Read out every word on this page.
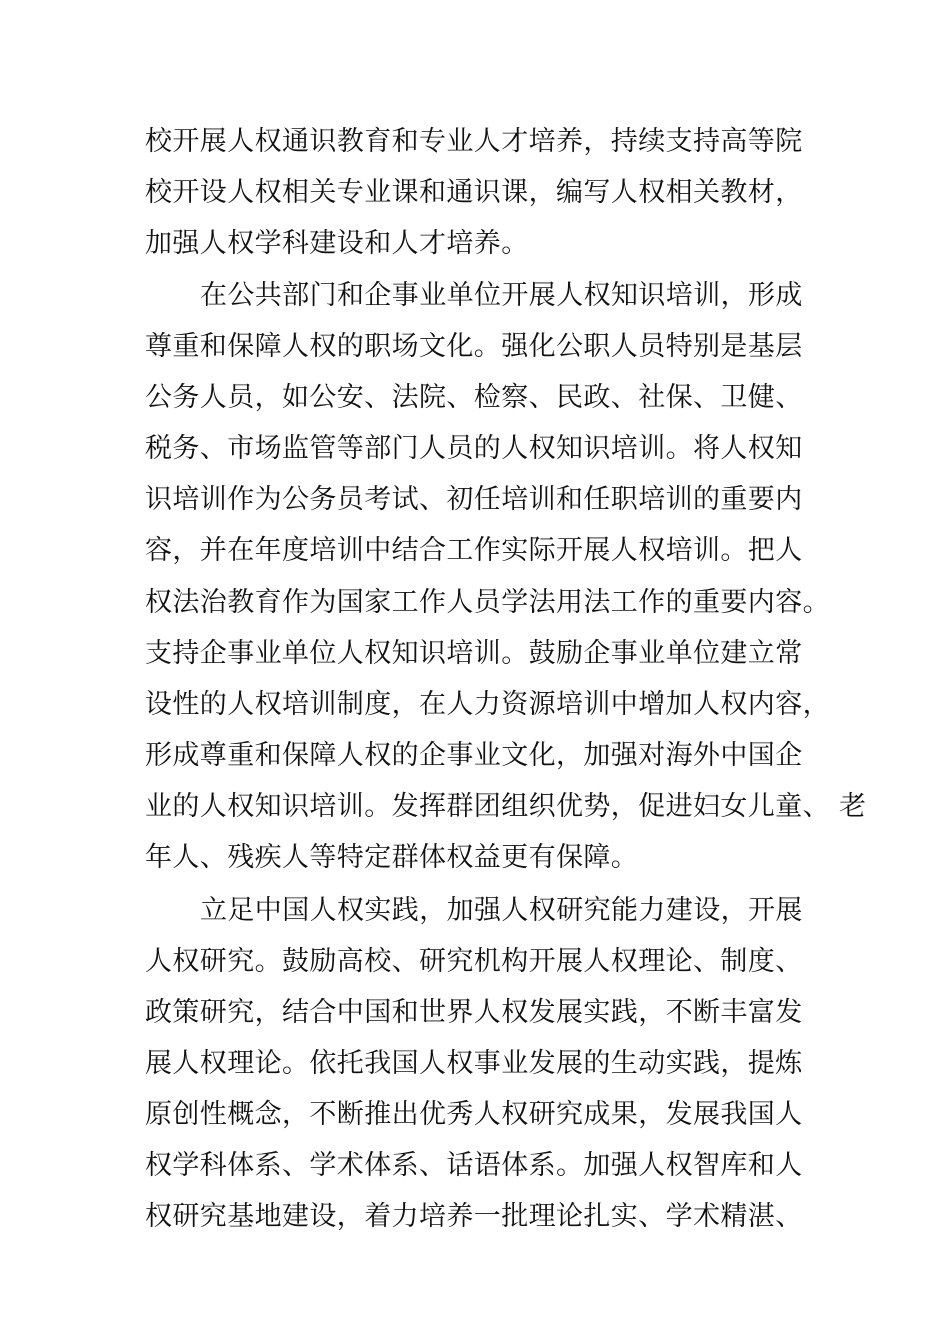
校开展人权通识教育和专业人才培养，持续支持高等院
校开设人权相关专业课和通识课，编写人权相关教材，
加强人权学科建设和人才培养。
在公共部门和企事业单位开展人权知识培训，形成
尊重和保障人权的职场文化。强化公职人员特别是基层
公务人员，如公安、法院、检察、民政、社保、卫健、
税务、市场监管等部门人员的人权知识培训。将人权知
识培训作为公务员考试、初任培训和任职培训的重要内
容，并在年度培训中结合工作实际开展人权培训。把人
权法治教育作为国家工作人员学法用法工作的重要内容。
支持企事业单位人权知识培训。鼓励企事业单位建立常
设性的人权培训制度，在人力资源培训中增加人权内容，
形成尊重和保障人权的企事业文化，加强对海外中国企
业的人权知识培训。发挥群团组织优势，促进妇女儿童、 老
年人、残疾人等特定群体权益更有保障。
立足中国人权实践，加强人权研究能力建设，开展
人权研究。鼓励高校、研究机构开展人权理论、制度、
政策研究，结合中国和世界人权发展实践，不断丰富发
展人权理论。依托我国人权事业发展的生动实践，提炼
原创性概念，不断推出优秀人权研究成果，发展我国人
权学科体系、学术体系、话语体系。加强人权智库和人
权研究基地建设，着力培养一批理论扎实、学术精湛、
